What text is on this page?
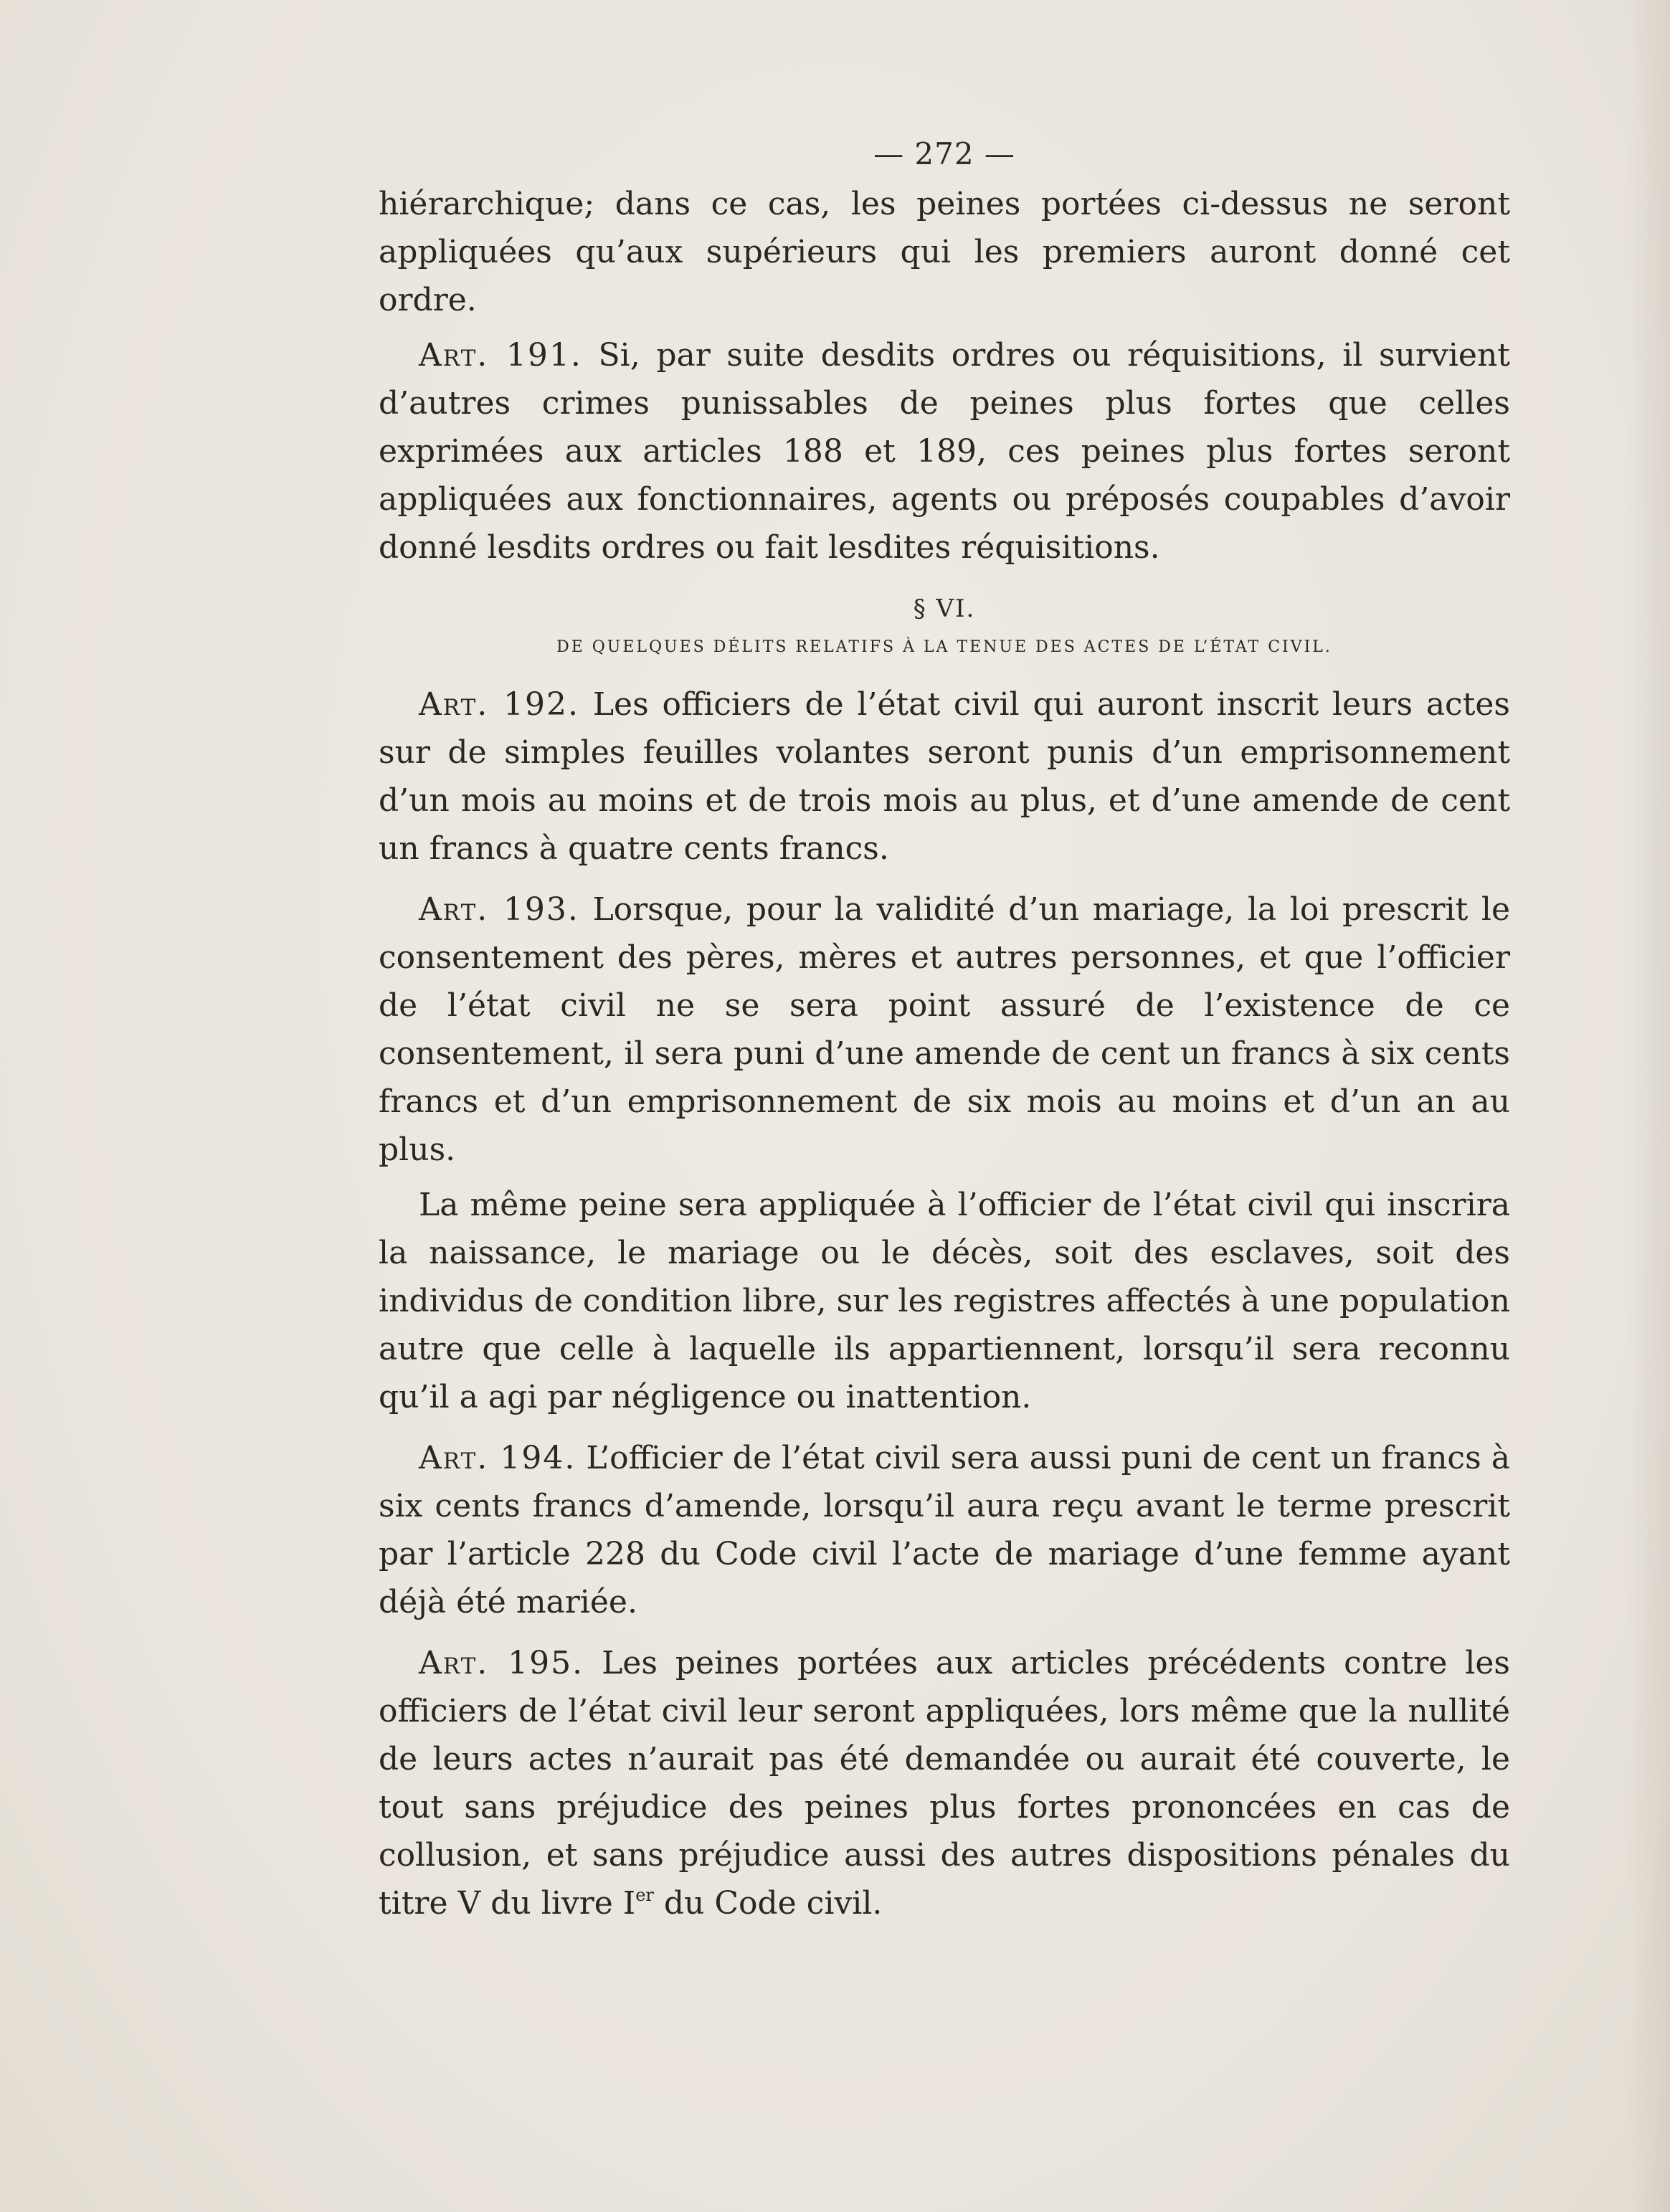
— 272 —

hiérarchique; dans ce cas, les peines portées ci-dessus ne seront appliquées qu’aux supérieurs qui les premiers auront donné cet ordre.

Art. 191. Si, par suite desdits ordres ou réquisitions, il survient d’autres crimes punissables de peines plus fortes que celles exprimées aux articles 188 et 189, ces peines plus fortes seront appliquées aux fonctionnaires, agents ou préposés coupables d’avoir donné lesdits ordres ou fait lesdites réquisitions.

§ VI.
DE QUELQUES DÉLITS RELATIFS À LA TENUE DES ACTES DE L’ÉTAT CIVIL.

Art. 192. Les officiers de l’état civil qui auront inscrit leurs actes sur de simples feuilles volantes seront punis d’un emprisonnement d’un mois au moins et de trois mois au plus, et d’une amende de cent un francs à quatre cents francs.

Art. 193. Lorsque, pour la validité d’un mariage, la loi prescrit le consentement des pères, mères et autres personnes, et que l’officier de l’état civil ne se sera point assuré de l’existence de ce consentement, il sera puni d’une amende de cent un francs à six cents francs et d’un emprisonnement de six mois au moins et d’un an au plus.

La même peine sera appliquée à l’officier de l’état civil qui inscrira la naissance, le mariage ou le décès, soit des esclaves, soit des individus de condition libre, sur les registres affectés à une population autre que celle à laquelle ils appartiennent, lorsqu’il sera reconnu qu’il a agi par négligence ou inattention.

Art. 194. L’officier de l’état civil sera aussi puni de cent un francs à six cents francs d’amende, lorsqu’il aura reçu avant le terme prescrit par l’article 228 du Code civil l’acte de mariage d’une femme ayant déjà été mariée.

Art. 195. Les peines portées aux articles précédents contre les officiers de l’état civil leur seront appliquées, lors même que la nullité de leurs actes n’aurait pas été demandée ou aurait été couverte, le tout sans préjudice des peines plus fortes prononcées en cas de collusion, et sans préjudice aussi des autres dispositions pénales du titre V du livre Ier du Code civil.
